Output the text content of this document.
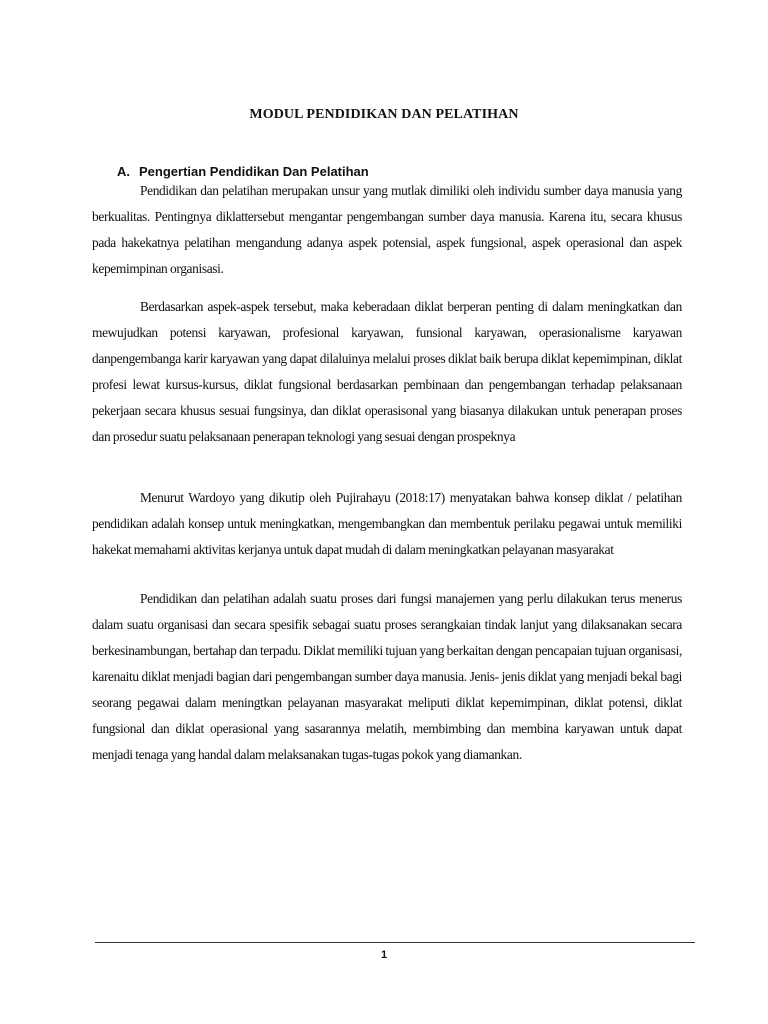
MODUL PENDIDIKAN DAN PELATIHAN
A. Pengertian Pendidikan Dan Pelatihan

Pendidikan dan pelatihan merupakan unsur yang mutlak dimiliki oleh individu sumber daya manusia yang berkualitas. Pentingnya diklattersebut mengantar pengembangan sumber daya manusia. Karena itu, secara khusus pada hakekatnya pelatihan mengandung adanya aspek potensial, aspek fungsional, aspek operasional dan aspek kepemimpinan organisasi.

Berdasarkan aspek-aspek tersebut, maka keberadaan diklat berperan penting di dalam meningkatkan dan mewujudkan potensi karyawan, profesional karyawan, funsional karyawan, operasionalisme karyawan danpengembanga karir karyawan yang dapat dilaluinya melalui proses diklat baik berupa diklat kepemimpinan, diklat profesi lewat kursus-kursus, diklat fungsional berdasarkan pembinaan dan pengembangan terhadap pelaksanaan pekerjaan secara khusus sesuai fungsinya, dan diklat operasisonal yang biasanya dilakukan untuk penerapan proses dan prosedur suatu pelaksanaan penerapan teknologi yang sesuai dengan prospeknya

Menurut Wardoyo yang dikutip oleh Pujirahayu (2018:17) menyatakan bahwa konsep diklat / pelatihan pendidikan adalah konsep untuk meningkatkan, mengembangkan dan membentuk perilaku pegawai untuk memiliki hakekat memahami aktivitas kerjanya untuk dapat mudah di dalam meningkatkan pelayanan masyarakat

Pendidikan dan pelatihan adalah suatu proses dari fungsi manajemen yang perlu dilakukan terus menerus dalam suatu organisasi dan secara spesifik sebagai suatu proses serangkaian tindak lanjut yang dilaksanakan secara berkesinambungan, bertahap dan terpadu. Diklat memiliki tujuan yang berkaitan dengan pencapaian tujuan organisasi, karenaitu diklat menjadi bagian dari pengembangan sumber daya manusia. Jenis- jenis diklat yang menjadi bekal bagi seorang pegawai dalam meningtkan pelayanan masyarakat meliputi diklat kepemimpinan, diklat potensi, diklat fungsional dan diklat operasional yang sasarannya melatih, membimbing dan membina karyawan untuk dapat menjadi tenaga yang handal dalam melaksanakan tugas-tugas pokok yang diamankan.

1
